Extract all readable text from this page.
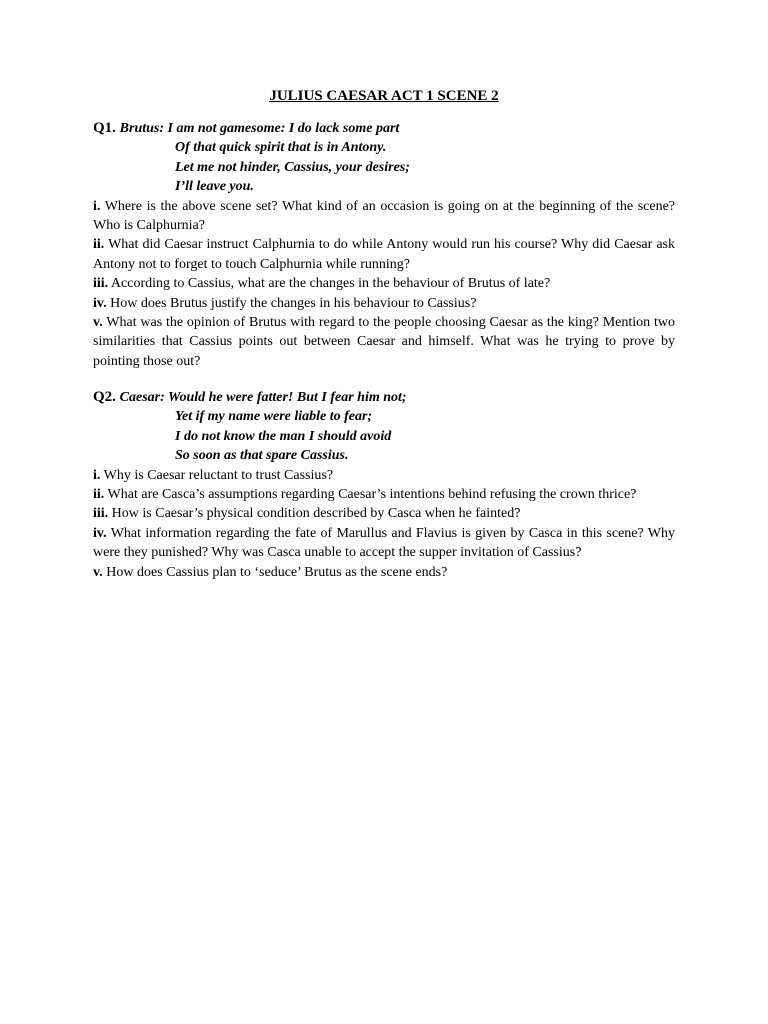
JULIUS CAESAR ACT 1 SCENE 2
Q1. Brutus: I am not gamesome: I do lack some part
Of that quick spirit that is in Antony.
Let me not hinder, Cassius, your desires;
I’ll leave you.

i. Where is the above scene set? What kind of an occasion is going on at the beginning of the scene? Who is Calphurnia?

ii. What did Caesar instruct Calphurnia to do while Antony would run his course? Why did Caesar ask Antony not to forget to touch Calphurnia while running?

iii. According to Cassius, what are the changes in the behaviour of Brutus of late?

iv. How does Brutus justify the changes in his behaviour to Cassius?

v. What was the opinion of Brutus with regard to the people choosing Caesar as the king? Mention two similarities that Cassius points out between Caesar and himself. What was he trying to prove by pointing those out?

Q2. Caesar: Would he were fatter! But I fear him not;
Yet if my name were liable to fear;
I do not know the man I should avoid
So soon as that spare Cassius.

i. Why is Caesar reluctant to trust Cassius?

ii. What are Casca’s assumptions regarding Caesar’s intentions behind refusing the crown thrice?

iii. How is Caesar’s physical condition described by Casca when he fainted?

iv. What information regarding the fate of Marullus and Flavius is given by Casca in this scene? Why were they punished? Why was Casca unable to accept the supper invitation of Cassius?

v. How does Cassius plan to ‘seduce’ Brutus as the scene ends?
